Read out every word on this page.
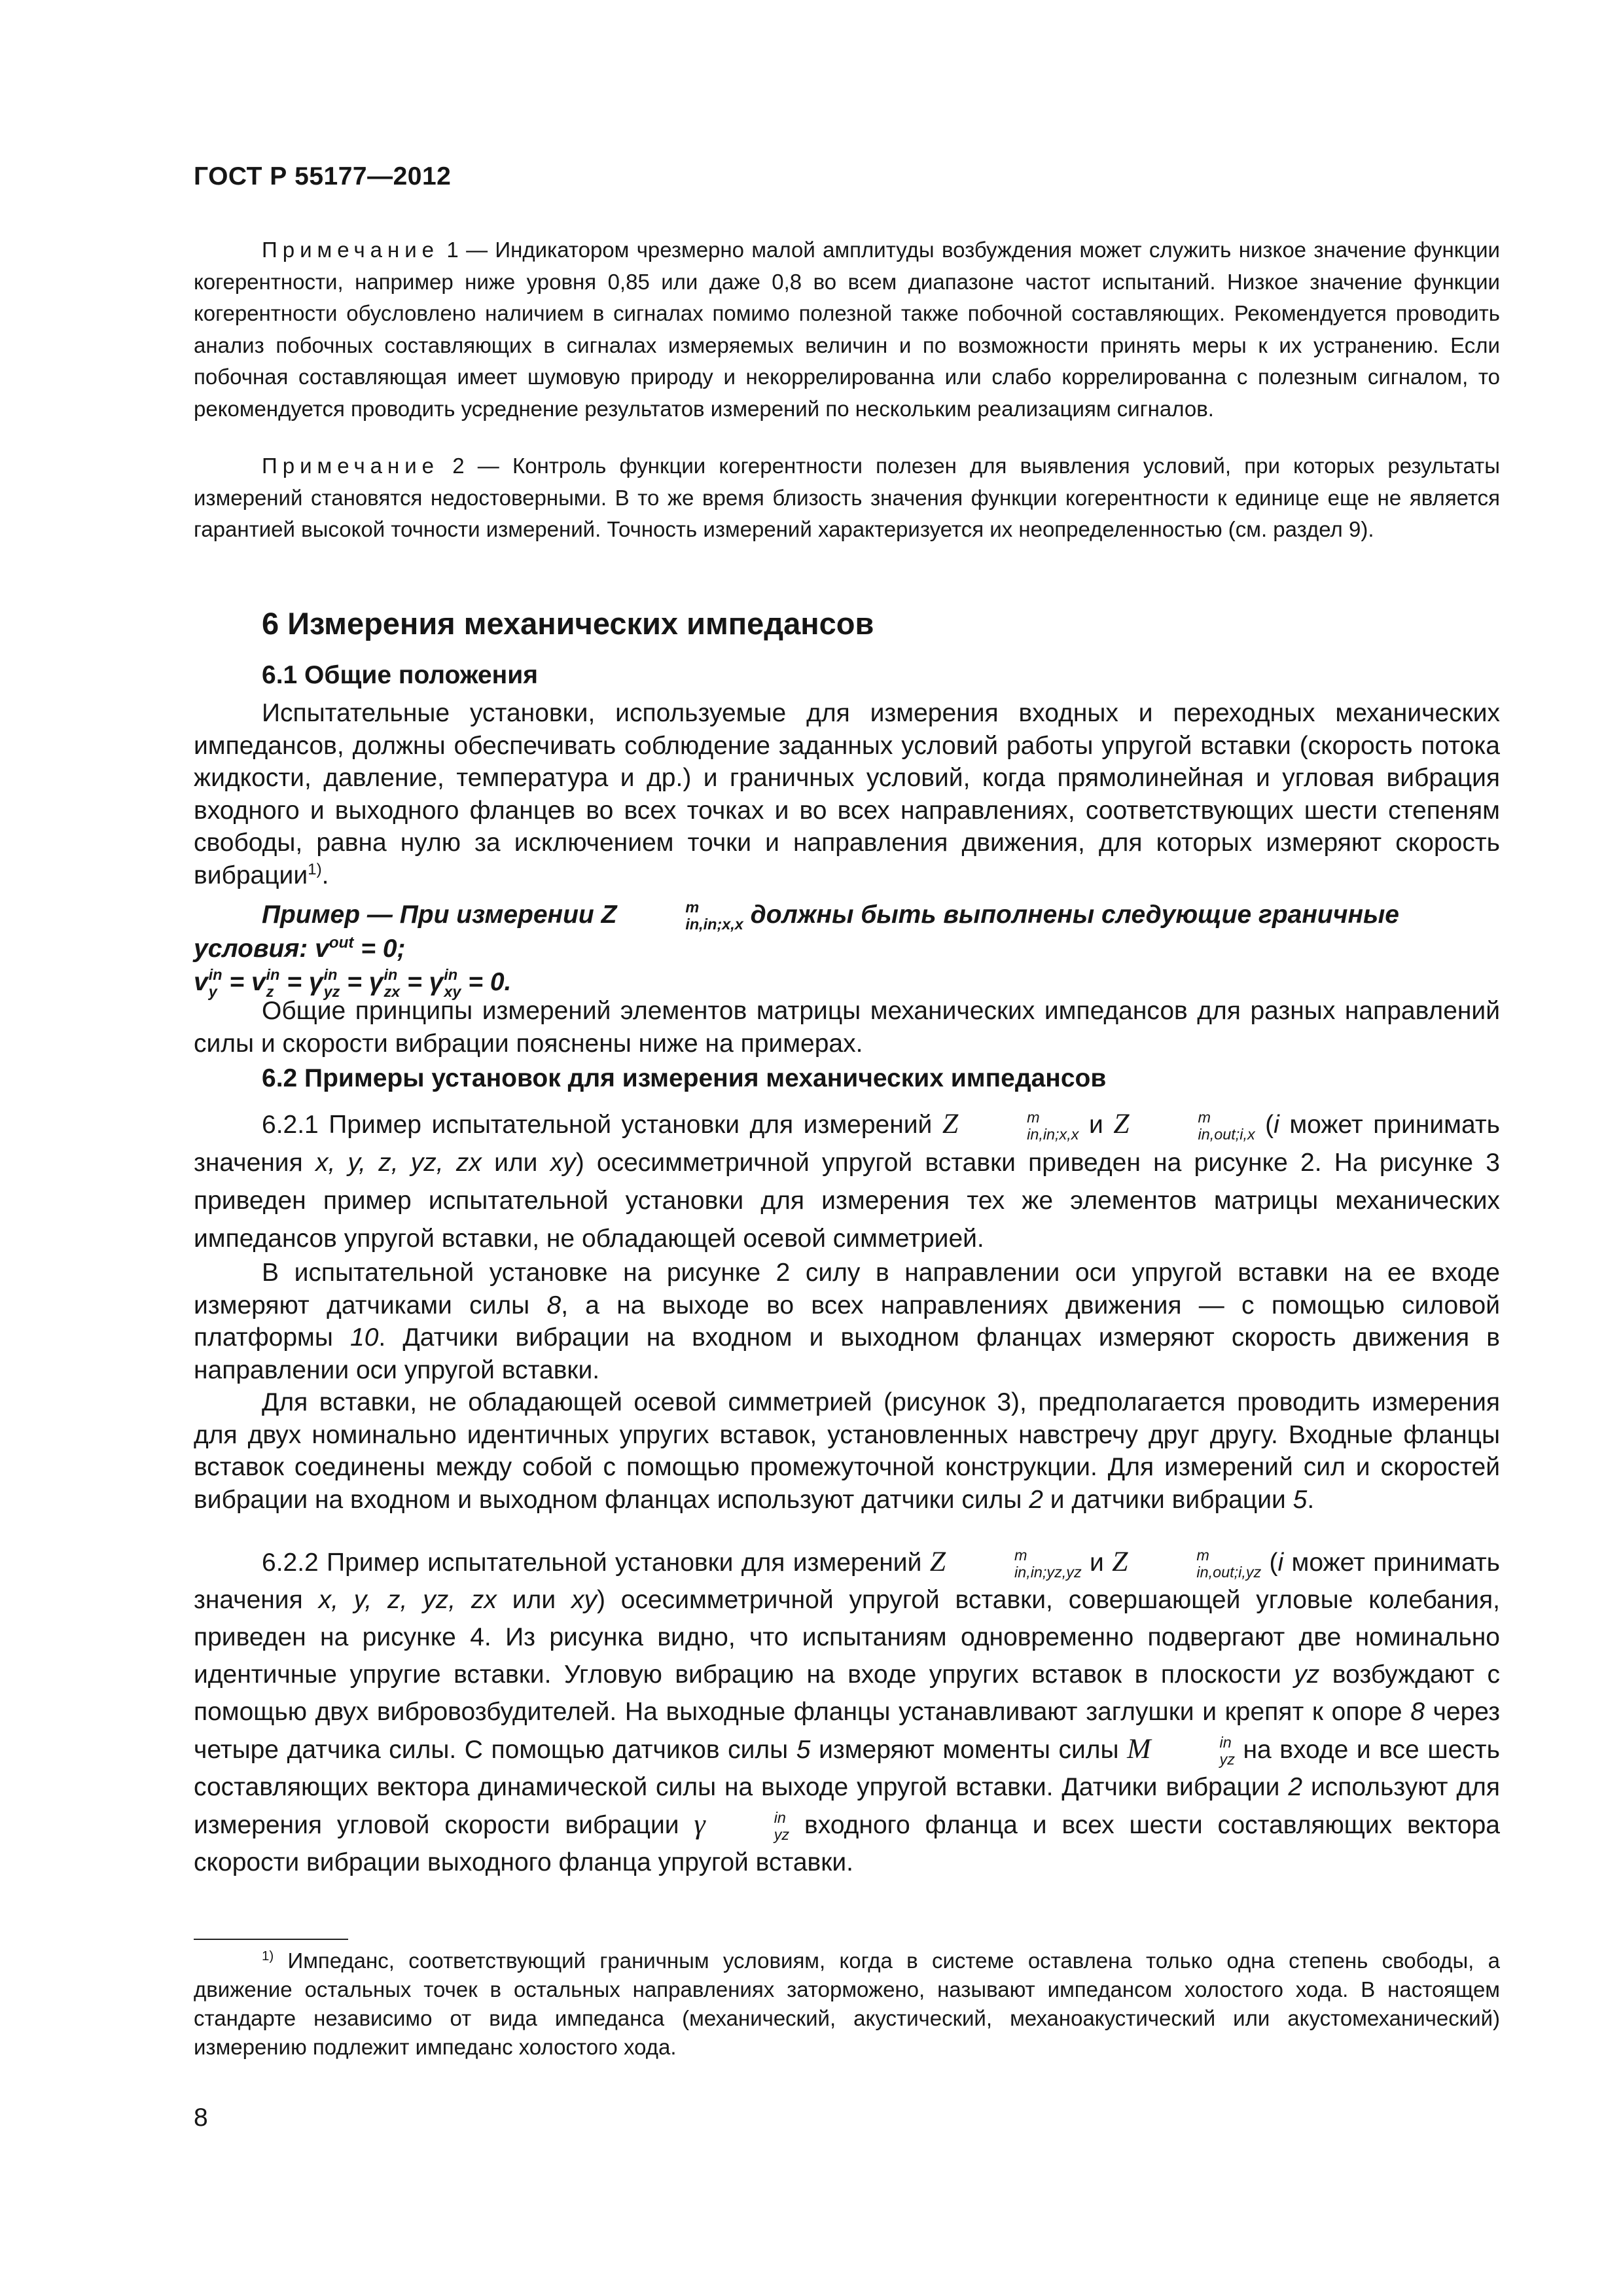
ГОСТ Р 55177—2012
Примечание 1 — Индикатором чрезмерно малой амплитуды возбуждения может служить низкое значение функции когерентности, например ниже уровня 0,85 или даже 0,8 во всем диапазоне частот испытаний. Низкое значение функции когерентности обусловлено наличием в сигналах помимо полезной также побочной составляющих. Рекомендуется проводить анализ побочных составляющих в сигналах измеряемых величин и по возможности принять меры к их устранению. Если побочная составляющая имеет шумовую природу и некоррелированна или слабо коррелированна с полезным сигналом, то рекомендуется проводить усреднение результатов измерений по нескольким реализациям сигналов.
Примечание 2 — Контроль функции когерентности полезен для выявления условий, при которых результаты измерений становятся недостоверными. В то же время близость значения функции когерентности к единице еще не является гарантией высокой точности измерений. Точность измерений характеризуется их неопределенностью (см. раздел 9).
6 Измерения механических импедансов
6.1 Общие положения
Испытательные установки, используемые для измерения входных и переходных механических импедансов, должны обеспечивать соблюдение заданных условий работы упругой вставки (скорость потока жидкости, давление, температура и др.) и граничных условий, когда прямолинейная и угловая вибрация входного и выходного фланцев во всех точках и во всех направлениях, соответствующих шести степеням свободы, равна нулю за исключением точки и направления движения, для которых измеряют скорость вибрации$^{1)}$.
Пример — При измерении Z	m
in,in;x,x должны быть выполнены следующие граничные условия: $v^{out} = 0$;
v in
y = v in
z = γ in
yz = γ in
zx = γ in
xy = 0.
Общие принципы измерений элементов матрицы механических импедансов для разных направлений силы и скорости вибрации пояснены ниже на примерах.
6.2 Примеры установок для измерения механических импедансов
6.2.1 Пример испытательной установки для измерений Z	m
in,in;x,x и Z	m
in,out;i,x (i может принимать значения x, y, z, yz, zx или xy) осесимметричной упругой вставки приведен на рисунке 2. На рисунке 3 приведен пример испытательной установки для измерения тех же элементов матрицы механических импедансов упругой вставки, не обладающей осевой симметрией.
В испытательной установке на рисунке 2 силу в направлении оси упругой вставки на ее входе измеряют датчиками силы 8, а на выходе во всех направлениях движения — с помощью силовой платформы 10. Датчики вибрации на входном и выходном фланцах измеряют скорость движения в направлении оси упругой вставки.
Для вставки, не обладающей осевой симметрией (рисунок 3), предполагается проводить измерения для двух номинально идентичных упругих вставок, установленных навстречу друг другу. Входные фланцы вставок соединены между собой с помощью промежуточной конструкции. Для измерений сил и скоростей вибрации на входном и выходном фланцах используют датчики силы 2 и датчики вибрации 5.
6.2.2 Пример испытательной установки для измерений Z	m
in,in;yz,yz и Z	m
in,out;i,yz (i может принимать значения x, y, z, yz, zx или xy) осесимметричной упругой вставки, совершающей угловые колебания, приведен на рисунке 4. Из рисунка видно, что испытаниям одновременно подвергают две номинально идентичные упругие вставки. Угловую вибрацию на входе упругих вставок в плоскости yz возбуждают с помощью двух вибровозбудителей. На выходные фланцы устанавливают заглушки и крепят к опоре 8 через четыре датчика силы. С помощью датчиков силы 5 измеряют моменты силы M	in
yz на входе и все шесть составляющих вектора динамической силы на выходе упругой вставки. Датчики вибрации 2 используют для измерения угловой скорости вибрации γ	in
yz входного фланца и всех шести составляющих вектора скорости вибрации выходного фланца упругой вставки.
$^{1)}$ Импеданс, соответствующий граничным условиям, когда в системе оставлена только одна степень свободы, а движение остальных точек в остальных направлениях заторможено, называют импедансом холостого хода. В настоящем стандарте независимо от вида импеданса (механический, акустический, механоакустический или акустомеханический) измерению подлежит импеданс холостого хода.
8
